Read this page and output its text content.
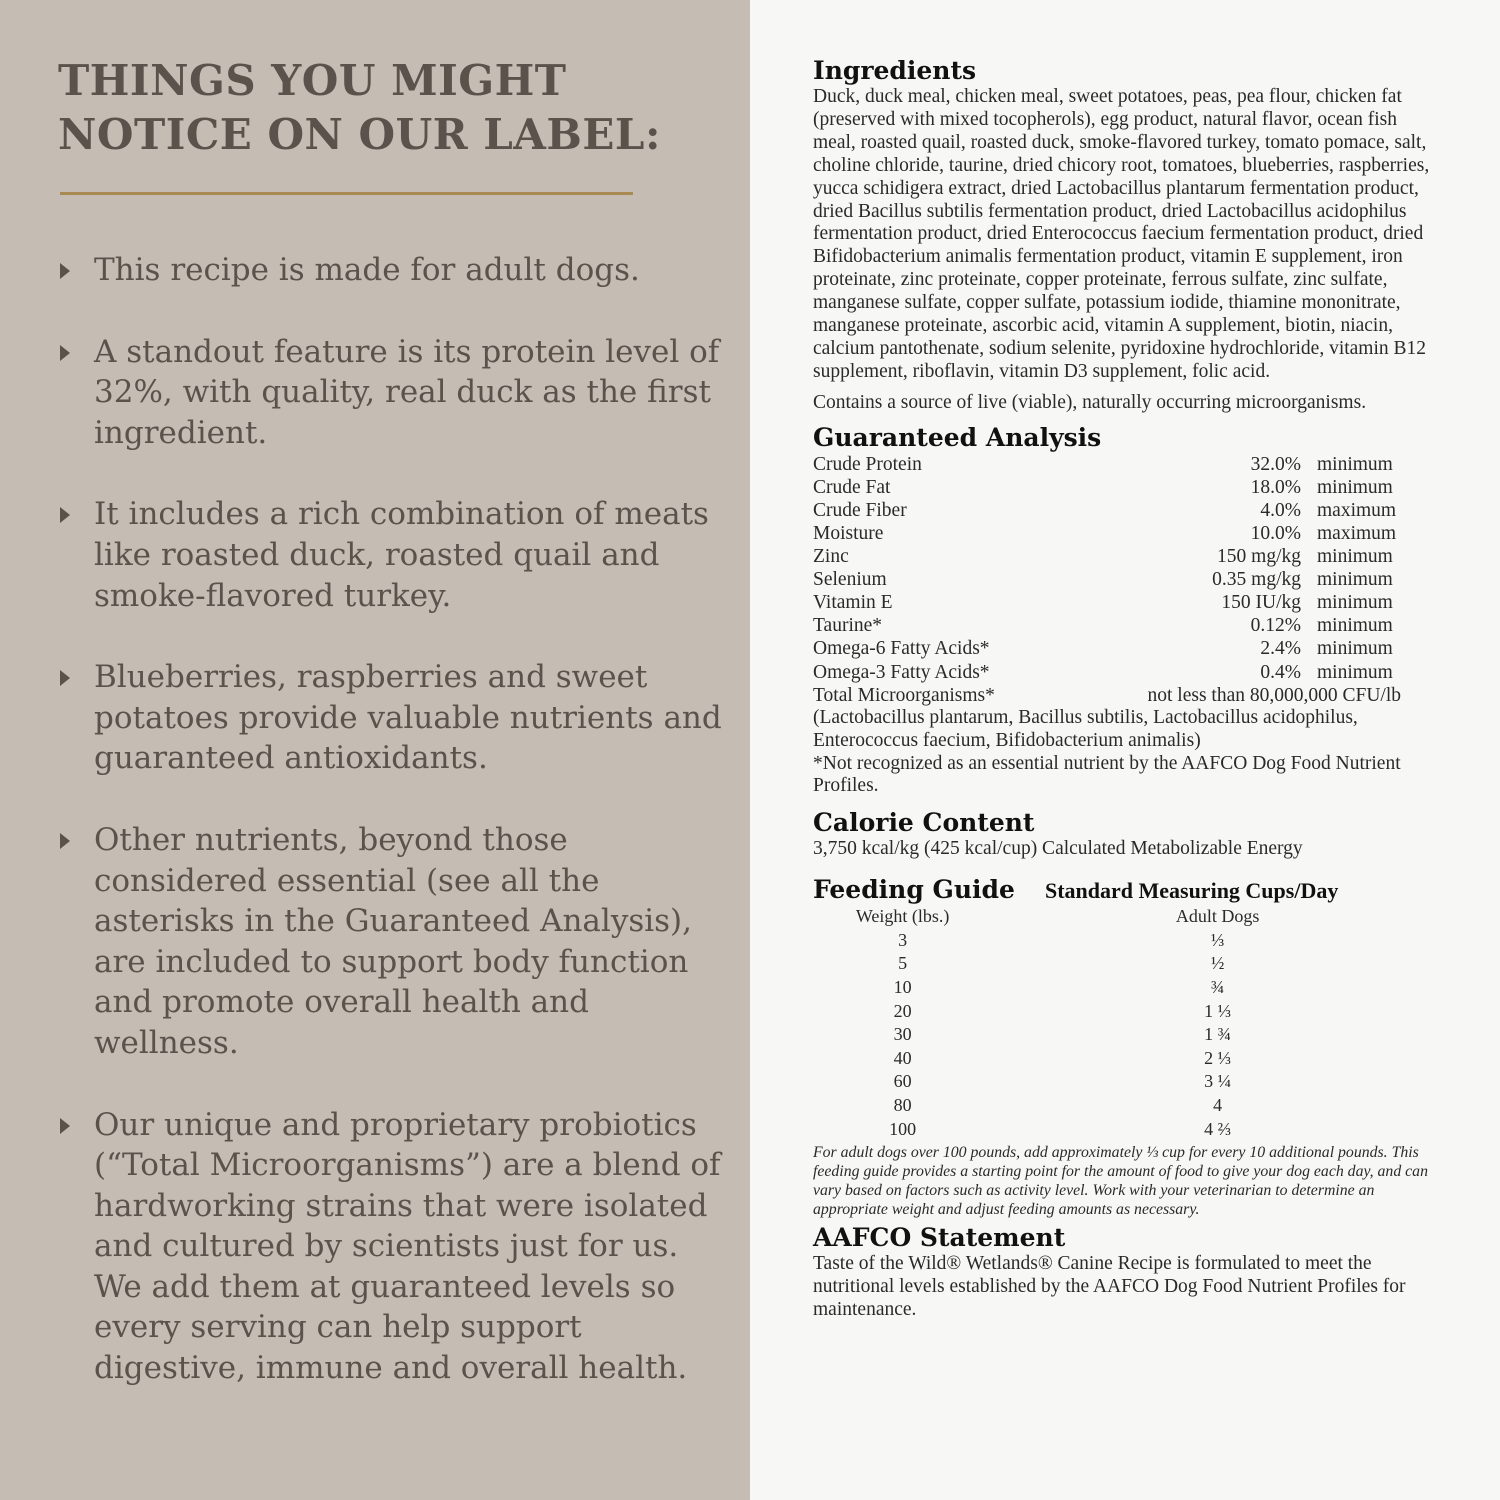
THINGS YOU MIGHT
NOTICE ON OUR LABEL:
This recipe is made for adult dogs.
A standout feature is its protein level of 32%, with quality, real duck as the first ingredient.
It includes a rich combination of meats like roasted duck, roasted quail and smoke-flavored turkey.
Blueberries, raspberries and sweet potatoes provide valuable nutrients and guaranteed antioxidants.
Other nutrients, beyond those considered essential (see all the asterisks in the Guaranteed Analysis), are included to support body function and promote overall health and wellness.
Our unique and proprietary probiotics (“Total Microorganisms”) are a blend of hardworking strains that were isolated and cultured by scientists just for us. We add them at guaranteed levels so every serving can help support digestive, immune and overall health.
Ingredients

Duck, duck meal, chicken meal, sweet potatoes, peas, pea flour, chicken fat (preserved with mixed tocopherols), egg product, natural flavor, ocean fish meal, roasted quail, roasted duck, smoke-flavored turkey, tomato pomace, salt, choline chloride, taurine, dried chicory root, tomatoes, blueberries, raspberries, yucca schidigera extract, dried Lactobacillus plantarum fermentation product, dried Bacillus subtilis fermentation product, dried Lactobacillus acidophilus fermentation product, dried Enterococcus faecium fermentation product, dried Bifidobacterium animalis fermentation product, vitamin E supplement, iron proteinate, zinc proteinate, copper proteinate, ferrous sulfate, zinc sulfate, manganese sulfate, copper sulfate, potassium iodide, thiamine mononitrate, manganese proteinate, ascorbic acid, vitamin A supplement, biotin, niacin, calcium pantothenate, sodium selenite, pyridoxine hydrochloride, vitamin B12 supplement, riboflavin, vitamin D3 supplement, folic acid.

Contains a source of live (viable), naturally occurring microorganisms.

Guaranteed Analysis
Crude Protein	32.0% minimum
Crude Fat	18.0% minimum
Crude Fiber	4.0% maximum
Moisture	10.0% maximum
Zinc	150 mg/kg minimum
Selenium	0.35 mg/kg minimum
Vitamin E	150 IU/kg minimum
Taurine*	0.12% minimum
Omega-6 Fatty Acids*	2.4% minimum
Omega-3 Fatty Acids*	0.4% minimum
Total Microorganisms*	not less than 80,000,000 CFU/lb

(Lactobacillus plantarum, Bacillus subtilis, Lactobacillus acidophilus, Enterococcus faecium, Bifidobacterium animalis)

*Not recognized as an essential nutrient by the AAFCO Dog Food Nutrient Profiles.

Calorie Content

3,750 kcal/kg (425 kcal/cup) Calculated Metabolizable Energy

Feeding Guide Standard Measuring Cups/Day
Weight (lbs.)	Adult Dogs
3	⅓
5	½
10	¾
20	1 ⅓
30	1 ¾
40	2 ⅓
60	3 ¼
80	4
100	4 ⅔

For adult dogs over 100 pounds, add approximately ⅓ cup for every 10 additional pounds. This feeding guide provides a starting point for the amount of food to give your dog each day, and can vary based on factors such as activity level. Work with your veterinarian to determine an appropriate weight and adjust feeding amounts as necessary.

AAFCO Statement

Taste of the Wild® Wetlands® Canine Recipe is formulated to meet the nutritional levels established by the AAFCO Dog Food Nutrient Profiles for maintenance.
